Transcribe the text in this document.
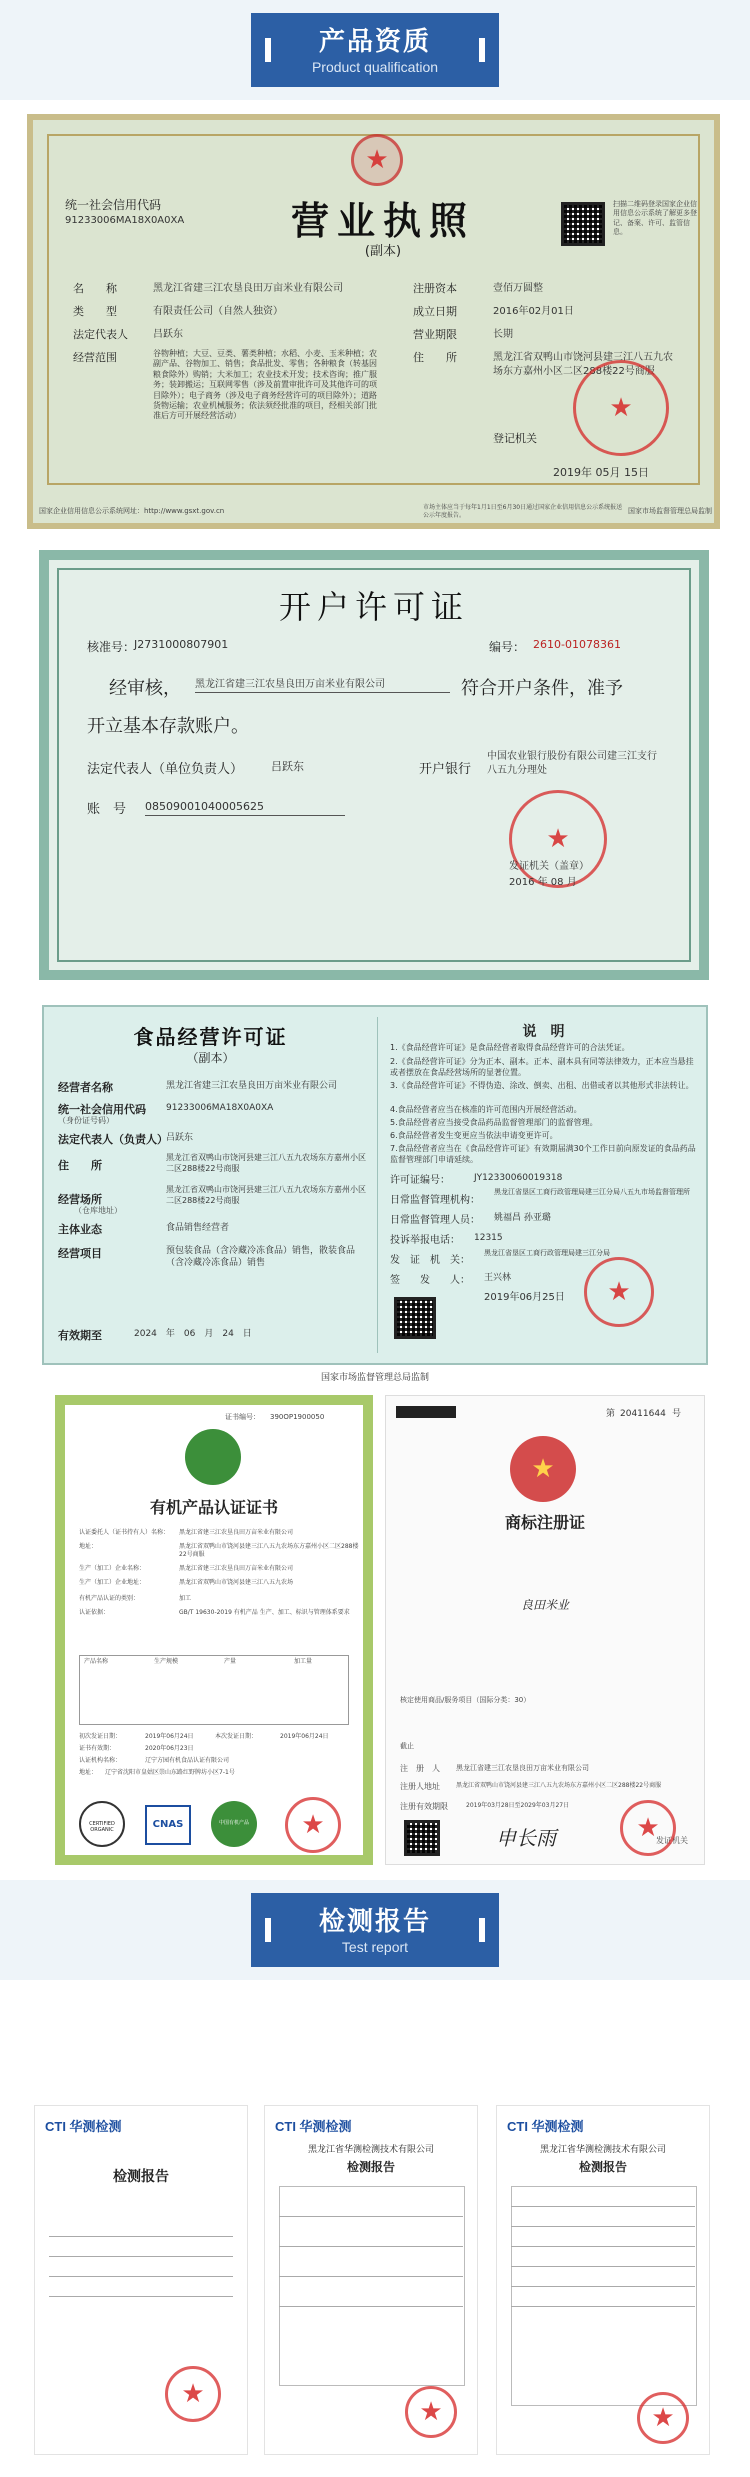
产品资质
Product qualification
★
统一社会信用代码
91233006MA18X0A0XA	营业执照
(副本)
扫描二维码登录国家企业信用信息公示系统了解更多登记、备案、许可、监管信息。
名　　称	黑龙江省建三江农垦良田万亩米业有限公司
类　　型	有限责任公司（自然人独资）
法定代表人	吕跃东
经营范围	谷物种植；大豆、豆类、薯类种植；水稻、小麦、玉米种植；农副产品、谷物加工、销售；食品批发、零售；各种粮食（转基因粮食除外）购销；大米加工；农业技术开发；技术咨询；推广服务；装卸搬运；互联网零售（涉及前置审批许可及其他许可的项目除外）；电子商务（涉及电子商务经营许可的项目除外）；道路货物运输；农业机械服务；依法须经批准的项目，经相关部门批准后方可开展经营活动）
注册资本	壹佰万圆整
成立日期	2016年02月01日
营业期限	长期
住　　所	黑龙江省双鸭山市饶河县建三江八五九农场东方嘉州小区二区288楼22号商服
★
登记机关
2019年 05月 15日
国家企业信用信息公示系统网址：http://www.gsxt.gov.cn	市场主体应当于每年1月1日至6月30日通过国家企业信用信息公示系统报送公示年度报告。
国家市场监督管理总局监制
开户许可证
核准号：
J2731000807901	编号： 2610-01078361
经审核， 黑龙江省建三江农垦良田万亩米业有限公司	符合开户条件，准予
开立基本存款账户。
法定代表人（单位负责人）	吕跃东	开户银行
中国农业银行股份有限公司建三江支行八五九分理处
账　号 08509001040005625
★
发证机关（盖章）
2016 年 08 月
食品经营许可证
（副本）
经营者名称	黑龙江省建三江农垦良田万亩米业有限公司
统一社会信用代码
（身份证号码）
91233006MA18X0A0XA
法定代表人（负责人）
吕跃东
住　　所
黑龙江省双鸭山市饶河县建三江八五九农场东方嘉州小区二区288楼22号商服
经营场所
（仓库地址）
黑龙江省双鸭山市饶河县建三江八五九农场东方嘉州小区二区288楼22号商服
主体业态	食品销售经营者
经营项目	预包装食品（含冷藏冷冻食品）销售，散装食品（含冷藏冷冻食品）销售
有效期至	2024　年　06　月　24　日
说　明
1.《食品经营许可证》是食品经营者取得食品经营许可的合法凭证。
2.《食品经营许可证》分为正本、副本。正本、副本具有同等法律效力，正本应当悬挂或者摆放在食品经营场所的显著位置。
3.《食品经营许可证》不得伪造、涂改、倒卖、出租、出借或者以其他形式非法转让。
4.食品经营者应当在核准的许可范围内开展经营活动。
5.食品经营者应当接受食品药品监督管理部门的监督管理。
6.食品经营者发生变更应当依法申请变更许可。
7.食品经营者应当在《食品经营许可证》有效期届满30个工作日前向原发证的食品药品监督管理部门申请延续。
许可证编号：	JY12330060019318
日常监督管理机构：
黑龙江省垦区工商行政管理局建三江分局八五九市场监督管理所
日常监督管理人员： 姚福昌 孙亚璐
投诉举报电话： 12315
发　证　机　关：
黑龙江省垦区工商行政管理局建三江分局
签　　发　　人： 王兴林	★
2019年06月25日
国家市场监督管理总局监制
证书编号： 390OP1900050
有机产品认证证书
认证委托人（证书持有人）名称：	黑龙江省建三江农垦良田万亩米业有限公司
地址：	黑龙江省双鸭山市饶河县建三江八五九农场东方嘉州小区二区288楼22号商服
生产（加工）企业名称：	黑龙江省建三江农垦良田万亩米业有限公司
生产（加工）企业地址：	黑龙江省双鸭山市饶河县建三江八五九农场
有机产品认证的类别：	加工
认证依据：	GB/T 19630-2019 有机产品 生产、加工、标识与管理体系要求
产品名称	生产规模	产量	加工量
初次发证日期：	2019年06月24日	本次发证日期：	2019年06月24日
证书有效期：	2020年06月23日
认证机构名称：	辽宁方园有机食品认证有限公司
地址： 辽宁省沈阳市皇姑区崇山东路红野牌坊小区7-1号
CERTIFIED ORGANIC	CNAS	中国有机产品	★
第 20411644 号
★
商标注册证
良田米业
核定使用商品/服务项目（国际分类：30）
截止
注　册　人 黑龙江省建三江农垦良田万亩米业有限公司
注册人地址	黑龙江省双鸭山市饶河县建三江八五九农场东方嘉州小区二区288楼22号商服
注册有效期限	2019年03月28日至2029年03月27日
申长雨	发证机关
★
检测报告
Test report
CTI 华测检测
检测报告
★
CTI 华测检测
黑龙江省华测检测技术有限公司
检测报告
★
CTI 华测检测
黑龙江省华测检测技术有限公司
检测报告
★
